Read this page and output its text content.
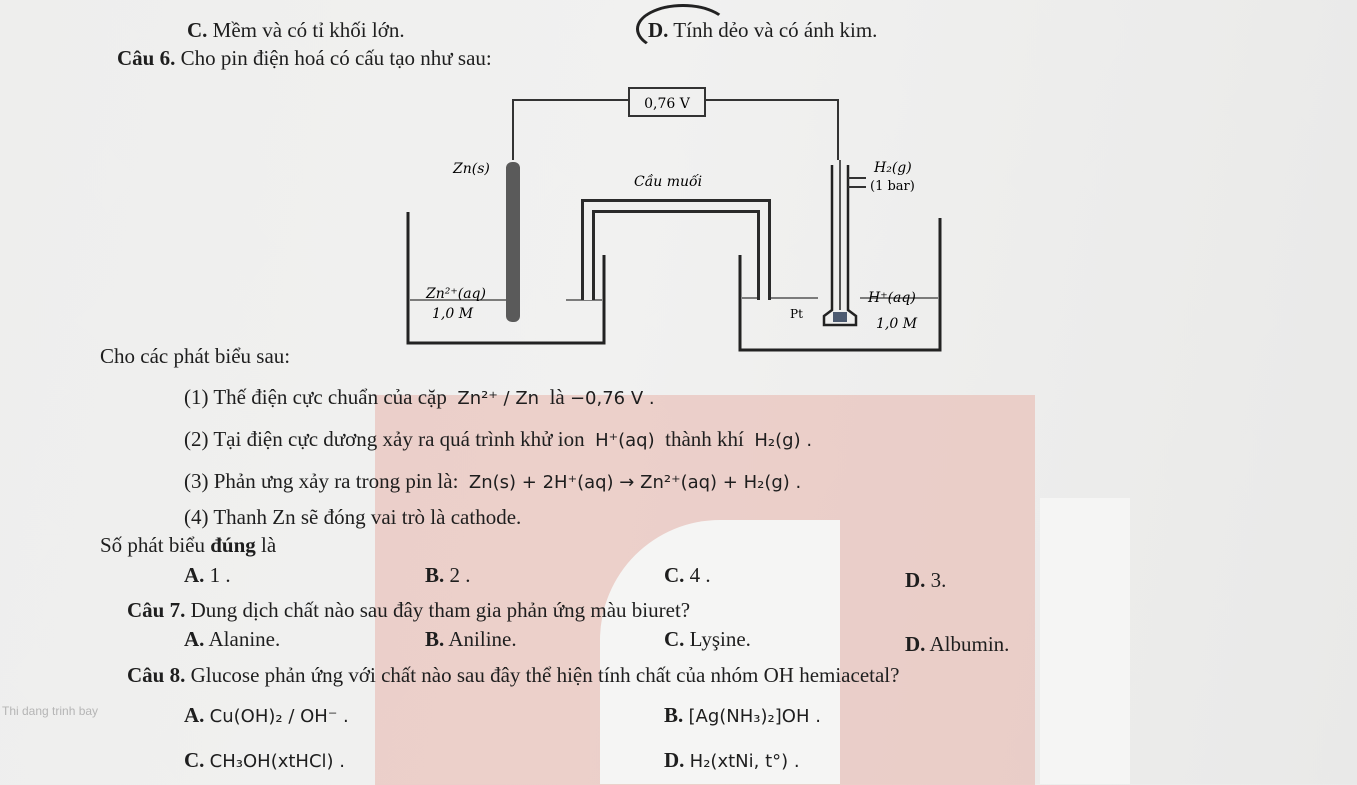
Thi dang trinh bay
C. Mềm và có tỉ khối lớn.	D. Tính dẻo và có ánh kim.
Câu 6. Cho pin điện hoá có cấu tạo như sau:
0,76 V
Zn(s)
Cầu muối
H₂(g)
(1 bar)
Zn²⁺(aq)
1,0 M	Pt
H⁺(aq)
1,0 M
Cho các phát biểu sau:
(1) Thế điện cực chuẩn của cặp Zn²⁺ / Zn là −0,76 V .
(2) Tại điện cực dương xảy ra quá trình khử ion H⁺(aq) thành khí H₂(g) .
(3) Phản ưng xảy ra trong pin là: Zn(s) + 2H⁺(aq) → Zn²⁺(aq) + H₂(g) .
(4) Thanh Zn sẽ đóng vai trò là cathode.
Số phát biểu đúng là
A. 1 .	B. 2 .	C. 4 .	D. 3.
Câu 7. Dung dịch chất nào sau đây tham gia phản ứng màu biuret?
A. Alanine.	B. Aniline.	C. Lyşine.	D. Albumin.
Câu 8. Glucose phản ứng với chất nào sau đây thể hiện tính chất của nhóm OH hemiacetal?
A. Cu(OH)₂ / OH⁻ .	B. [Ag(NH₃)₂]OH .
C. CH₃OH(xtHCl) .	D. H₂(xtNi, t°) .
